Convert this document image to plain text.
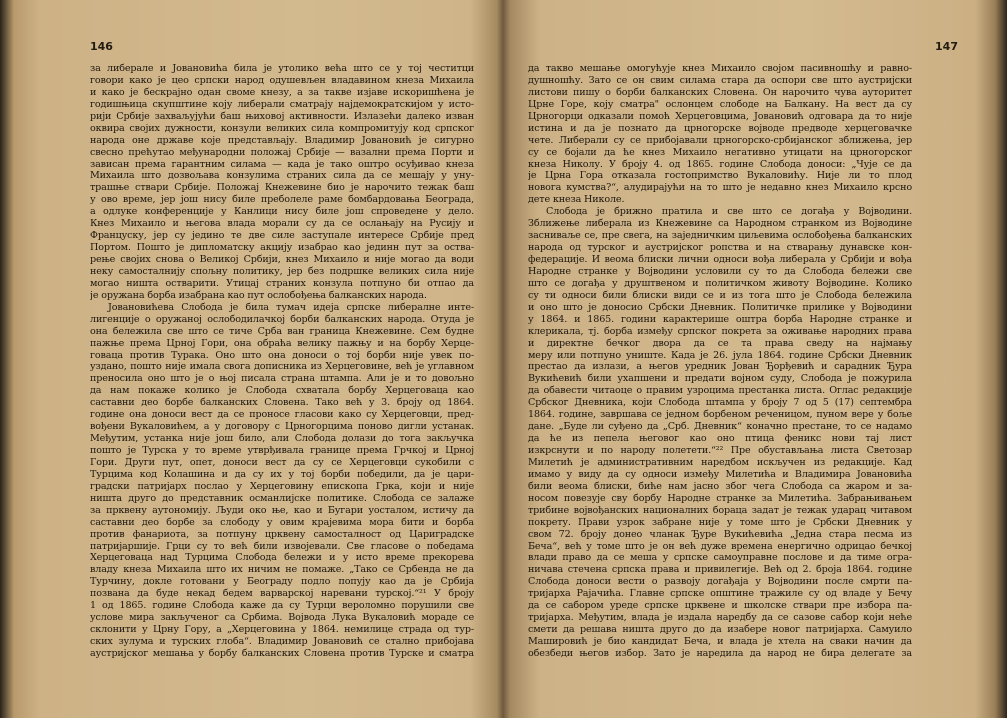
146
за либерале и Јовановића била је утолико већа што се у тој честитци
говори како је цео српски народ одушевљен владавином кнеза Михаила
и како је бескрајно одан своме кнезу, а за такве изјаве искоришћена је
годишњица скупштине коју либерали сматрају најдемократскијом у исто-
рији Србије захваљујући баш њиховој активности. Излазећи далеко изван
оквира својих дужности, конзули великих сила компромитују код српског
народа оне државе које представљају. Владимир Јовановић је сигурно
свесно прећутао међународни положај Србије — вазални према Порти и
зависан према гарантним силама — када је тако оштро осуђивао кнеза
Михаила што дозвољава конзулима страних сила да се мешају у уну-
трашње ствари Србије. Положај Кнежевине био је нарочито тежак баш
у ово време, јер још нису биле преболеле раме бомбардовања Београда,
а одлуке конференције у Канлици нису биле још спроведене у дело.
Кнез Михаило и његова влада морали су да се ослањају на Русију и
Француску, јер су једино те две силе заступале интересе Србије пред
Портом. Пошто је дипломатску акцију изабрао као јединн пут за оства-
рење својих снова о Великој Србији, кнез Михаило и није могао да води
неку самосталнију спољну политику, јер без подршке великих сила није
могао ништа остварити. Утицај страних конзула потпуно би отпао да
је оружана борба изабрана као пут ослобођења балканских народа.
Јовановићева Слобода је била тумач идеја српске либералне инте-
лигенције о оружаној ослободилачкој борби балканских народа. Отуда је
она бележила све што се тиче Срба ван граница Кнежевине. Сем будне
пажње према Црној Гори, она обраћа велику пажњу и на борбу Херце-
говаца против Турака. Оно што она доноси о тој борби није увек по-
уздано, пошто није имала свога дописника из Херцеговине, већ је углавном
преносила оно што је о њој писала страна штампа. Али је и то довољно
да нам покаже колико је Слобода схватала борбу Херцеговаца као
саставни део борбе балканских Словена. Тако већ у 3. броју од 1864.
године она доноси вест да се проносе гласови како су Херцеговци, пред-
вођени Вукаловићем, а у договору с Црногорцима поново дигли устанак.
Међутим, устанка није још било, али Слобода долази до тога закључка
пошто је Турска у то време утврђивала границе према Грчкој и Црној
Гори. Други пут, опет, доноси вест да су се Херцеговци сукобили с
Турцима код Колашина и да су их у тој борби победили, да је цари-
градски патријарх послао у Херцеговину епископа Грка, који и није
ништа друго до представник османлијске политике. Слобода се залаже
за прквену аутономију. Људи око ње, као и Бугари уосталом, истичу да
саставни део борбе за слободу у овим крајевима мора бити и борба
против фанариота, за потпуну црквену самосталност од Цариградске
патријаршије. Грци су то већ били извојевали. Све гласове о победама
Херцеговаца над Турцима Слобода бележи и у исто време прекорева
владу кнеза Михаила што их ничим не помаже. „Тако се Србенда не да
Турчину, докле готовани у Београду подло попују као да је Србија
позвана да буде некад бедем варварској наревани турској.“²¹ У броју
1 од 1865. године Слобода каже да су Турци вероломно порушили све
услове мира закљученог са Србима. Војвода Лука Вукаловић мораде се
склонити у Црну Гору, а „Херцеговина у 1864. немилице страда од тур-
ских зулума и турских глоба“. Владимир Јовановић се стално прибојава
аустријског мешања у борбу балканских Словена против Турске и сматра
147
да такво мешање омогућује кнез Михаило својом пасивношћу и равно-
душношћу. Зато се он свим силама стара да оспори све што аустријски
листови пишу о борби балканских Словена. Он нарочито чува ауторитет
Црне Горе, коју сматра" ослонцем слободе на Балкану. На вест да су
Црногорци одказали помоћ Херцеговцима, Јовановић одговара да то није
истина и да је познато да црногорске војводе предводе херцеговачке
чете. Либерали су се прибојавали црногорско-србијанског зближења, јер
су се бојали да ће кнез Михаило негативно утицати на црногорског
кнеза Николу. У броју 4. од 1865. године Слобода доноси: „Чује се да
је Црна Гора отказала гостопримство Вукаловићу. Није ли то плод
новога кумства?“, алудирајући на то што је недавно кнез Михаило крсно
дете кнеза Николе.
Слобода је брижно пратила и све што се догађа у Војводини.
Зближење либерала из Кнежевине са Народном странком из Војводине
засниваље се, пре свега, на заједничким циљевима ослобођења балканских
народа од турског и аустријског ропства и на стварању дунавске кон-
федерације. И веома блиски лични односи вођа либерала у Србији и вођа
Народне странке у Војводини условили су то да Слобода бележи све
што се догађа у друштвеном и политичком животу Војводине. Колико
су ти односи били блиски види се и из тога што је Слобода бележила
и оно што је доносио Србски Дневник. Политичке прилике у Војводини
у 1864. и 1865. години карактерише оштра борба Народне странке и
клерикала, тј. борба између српског покрета за оживање народних права
и директне бечког двора да се та права сведу на најмању
меру или потпуно униште. Када је 26. јула 1864. године Србски Дневник
престао да излази, а његов уредник Јован Ђорђевић и сарадник Ђура
Вукићевић били ухапшени и предати војном суду, Слобода је пожурила
да обавести читаоце о правим узроцима престанка листа. Оглас редакције
Србског Дневника, који Слобода штампа у броју 7 од 5 (17) септембра
1864. године, завршава се једном борбеном реченицом, пуном вере у боље
дане. „Буде ли суђено да „Срб. Дневник“ коначно престане, то се надамо
да ће из пепела његовог као оно птица феникс нови тај лист
изкрснути и по народу полетети.“²² Пре обустављања листа Светозар
Милетић је административним наредбом искључен из редакције. Кад
имамо у виду да су односи између Милетића и Владимира Јовановића
били веома блиски, биће нам јасно због чега Слобода са жаром и за-
носом повезује сву борбу Народне странке за Милетића. Забрањивањем
трибине војвођанских националних бораца задат је тежак ударац читавом
покрету. Прави узрок забране није у томе што је Србски Дневник у
свом 72. броју донео чланак Ђуре Вукићевића „Једна стара песма из
Беча“, већ у томе што је он већ дуже времена енергично одрицао бечкој
влади право да се меша у српске самоуправне послове и да тиме огра-
ничава стечена српска права и привилегије. Већ од 2. броја 1864. године
Слобода доноси вести о развоју догађаја у Војводини после смрти па-
тријарха Рајачића. Главне српске општине тражиле су од владе у Бечу
да се сабором уреде српске црквене и школске ствари пре избора па-
тријарха. Међутим, влада је издала наредбу да се сазове сабор који неће
смети да решава ништа друго до да изабере новог патријарха. Самуило
Машировић је био кандидат Беча, и влада је хтела на сваки начин да
обезбеди његов избор. Зато је наредила да народ не бира делегате за
